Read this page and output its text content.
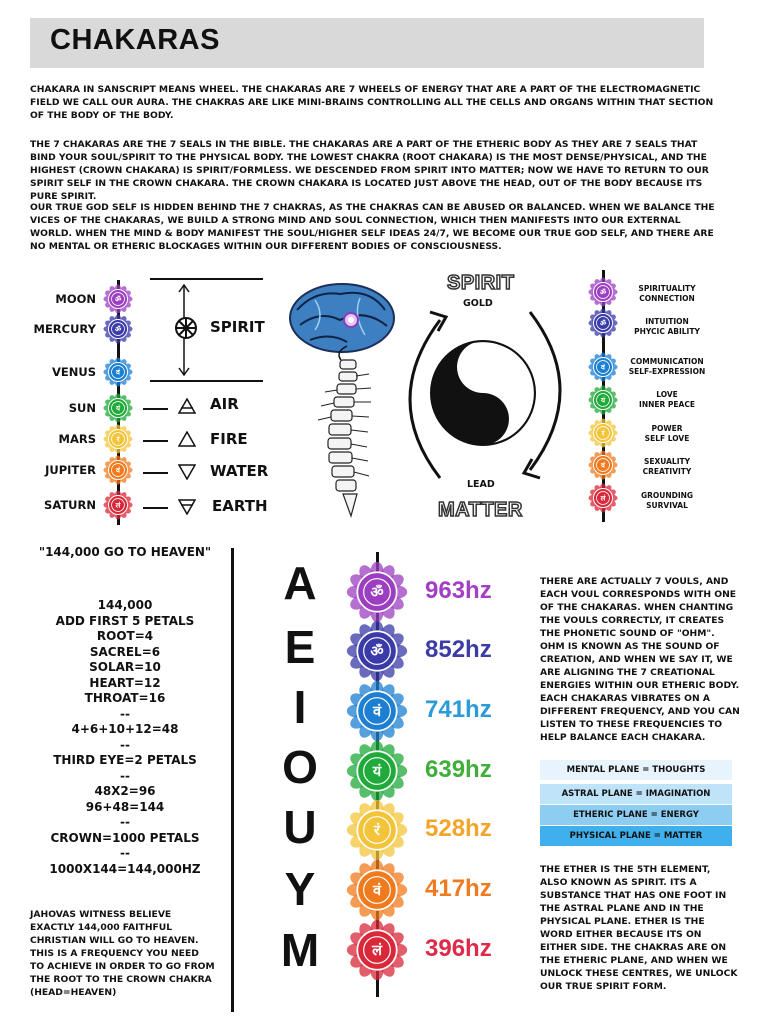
CHAKARAS
CHAKARA IN SANSCRIPT MEANS WHEEL. THE CHAKARAS ARE 7 WHEELS OF ENERGY THAT ARE A PART OF THE ELECTROMAGNETIC FIELD WE CALL OUR AURA. THE CHAKRAS ARE LIKE MINI-BRAINS CONTROLLING ALL THE CELLS AND ORGANS WITHIN THAT SECTION OF THE BODY OF THE BODY.
THE 7 CHAKARAS ARE THE 7 SEALS IN THE BIBLE. THE CHAKARAS ARE A PART OF THE ETHERIC BODY AS THEY ARE 7 SEALS THAT BIND YOUR SOUL/SPIRIT TO THE PHYSICAL BODY. THE LOWEST CHAKRA (ROOT CHAKARA) IS THE MOST DENSE/PHYSICAL, AND THE HIGHEST (CROWN CHAKARA) IS SPIRIT/FORMLESS. WE DESCENDED FROM SPIRIT INTO MATTER; NOW WE HAVE TO RETURN TO OUR SPIRIT SELF IN THE CROWN CHAKARA. THE CROWN CHAKARA IS LOCATED JUST ABOVE THE HEAD, OUT OF THE BODY BECAUSE ITS PURE SPIRIT.
OUR TRUE GOD SELF IS HIDDEN BEHIND THE 7 CHAKRAS, AS THE CHAKRAS CAN BE ABUSED OR BALANCED. WHEN WE BALANCE THE VICES OF THE CHAKARAS, WE BUILD A STRONG MIND AND SOUL CONNECTION, WHICH THEN MANIFESTS INTO OUR EXTERNAL WORLD. WHEN THE MIND & BODY MANIFEST THE SOUL/HIGHER SELF IDEAS 24/7, WE BECOME OUR TRUE GOD SELF, AND THERE ARE NO MENTAL OR ETHERIC BLOCKAGES WITHIN OUR DIFFERENT BODIES OF CONSCIOUSNESS.
ॐ
ॐ
वं
यं
रं
वं
लं
MOON
MERCURY
VENUS
SUN
MARS
JUPITER
SATURN
SPIRIT
AIR
FIRE
WATER
EARTH
SPIRIT
GOLD
LEAD
MATTER
ॐ
ॐ
वं
यं
रं
वं
लं
SPIRITUALITY
CONNECTION
INTUITION
PHYCIC ABILITY
COMMUNICATION
SELF-EXPRESSION
LOVE
INNER PEACE
POWER
SELF LOVE
SEXUALITY
CREATIVITY
GROUNDING
SURVIVAL
"144,000 GO TO HEAVEN"
144,000
ADD FIRST 5 PETALS
ROOT=4
SACREL=6
SOLAR=10
HEART=12
THROAT=16
--
4+6+10+12=48
--
THIRD EYE=2 PETALS
--
48X2=96
96+48=144
--
CROWN=1000 PETALS
--
1000X144=144,000HZ
JAHOVAS WITNESS BELIEVE EXACTLY 144,000 FAITHFUL CHRISTIAN WILL GO TO HEAVEN. THIS IS A FREQUENCY YOU NEED TO ACHIEVE IN ORDER TO GO FROM THE ROOT TO THE CROWN CHAKRA (HEAD=HEAVEN)
A
E
I
O
U
Y
M
ॐ
ॐ
वं
यं
रं
वं
लं
963hz
852hz
741hz
639hz
528hz
417hz
396hz
THERE ARE ACTUALLY 7 VOULS, AND EACH VOUL CORRESPONDS WITH ONE OF THE CHAKARAS. WHEN CHANTING THE VOULS CORRECTLY, IT CREATES THE PHONETIC SOUND OF "OHM". OHM IS KNOWN AS THE SOUND OF CREATION, AND WHEN WE SAY IT, WE ARE ALIGNING THE 7 CREATIONAL ENERGIES WITHIN OUR ETHERIC BODY. EACH CHAKARAS VIBRATES ON A DIFFERENT FREQUENCY, AND YOU CAN LISTEN TO THESE FREQUENCIES TO HELP BALANCE EACH CHAKARA.
MENTAL PLANE = THOUGHTS
ASTRAL PLANE = IMAGINATION
ETHERIC PLANE = ENERGY
PHYSICAL PLANE = MATTER
THE ETHER IS THE 5TH ELEMENT, ALSO KNOWN AS SPIRIT. ITS A SUBSTANCE THAT HAS ONE FOOT IN THE ASTRAL PLANE AND IN THE PHYSICAL PLANE. ETHER IS THE WORD EITHER BECAUSE ITS ON EITHER SIDE. THE CHAKRAS ARE ON THE ETHERIC PLANE, AND WHEN WE UNLOCK THESE CENTRES, WE UNLOCK OUR TRUE SPIRIT FORM.
